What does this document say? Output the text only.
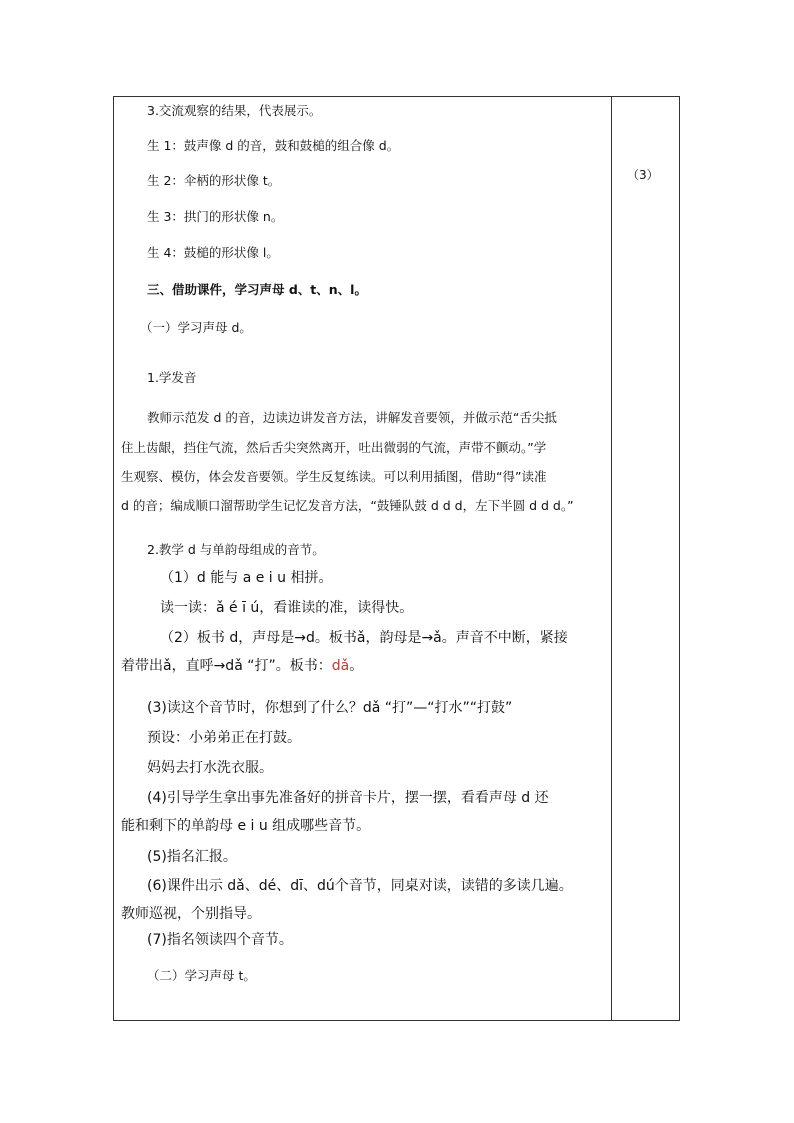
3.交流观察的结果，代表展示。
生 1：鼓声像 d 的音，鼓和鼓槌的组合像 d。
生 2：伞柄的形状像 t。
生 3：拱门的形状像 n。
生 4：鼓槌的形状像 l。
三、借助课件，学习声母 d、t、n、l。
（一）学习声母 d。
1.学发音
教师示范发 d 的音，边读边讲发音方法，讲解发音要领，并做示范“舌尖抵
住上齿龈，挡住气流，然后舌尖突然离开，吐出微弱的气流，声带不颤动。”学
生观察、模仿，体会发音要领。学生反复练读。可以利用插图，借助“得”读准
d 的音；编成顺口溜帮助学生记忆发音方法，“鼓锤队鼓 d d d，左下半圆 d d d。”
2.教学 d 与单韵母组成的音节。
（1）d 能与 a e i u 相拼。
读一读：ǎ é ī ú，看谁读的准，读得快。
（2）板书 d，声母是→d。板书ǎ，韵母是→ǎ。声音不中断，紧接
着带出ǎ，直呼→dǎ “打”。板书：dǎ。
(3)读这个音节时，你想到了什么？dǎ “打”—“打水”“打鼓”
预设：小弟弟正在打鼓。
妈妈去打水洗衣服。
(4)引导学生拿出事先准备好的拼音卡片，摆一摆，看看声母 d 还
能和剩下的单韵母 e i u 组成哪些音节。
(5)指名汇报。
(6)课件出示 dǎ、dé、dī、dú个音节，同桌对读，读错的多读几遍。
教师巡视，个别指导。
(7)指名领读四个音节。
（二）学习声母 t。
（3）
